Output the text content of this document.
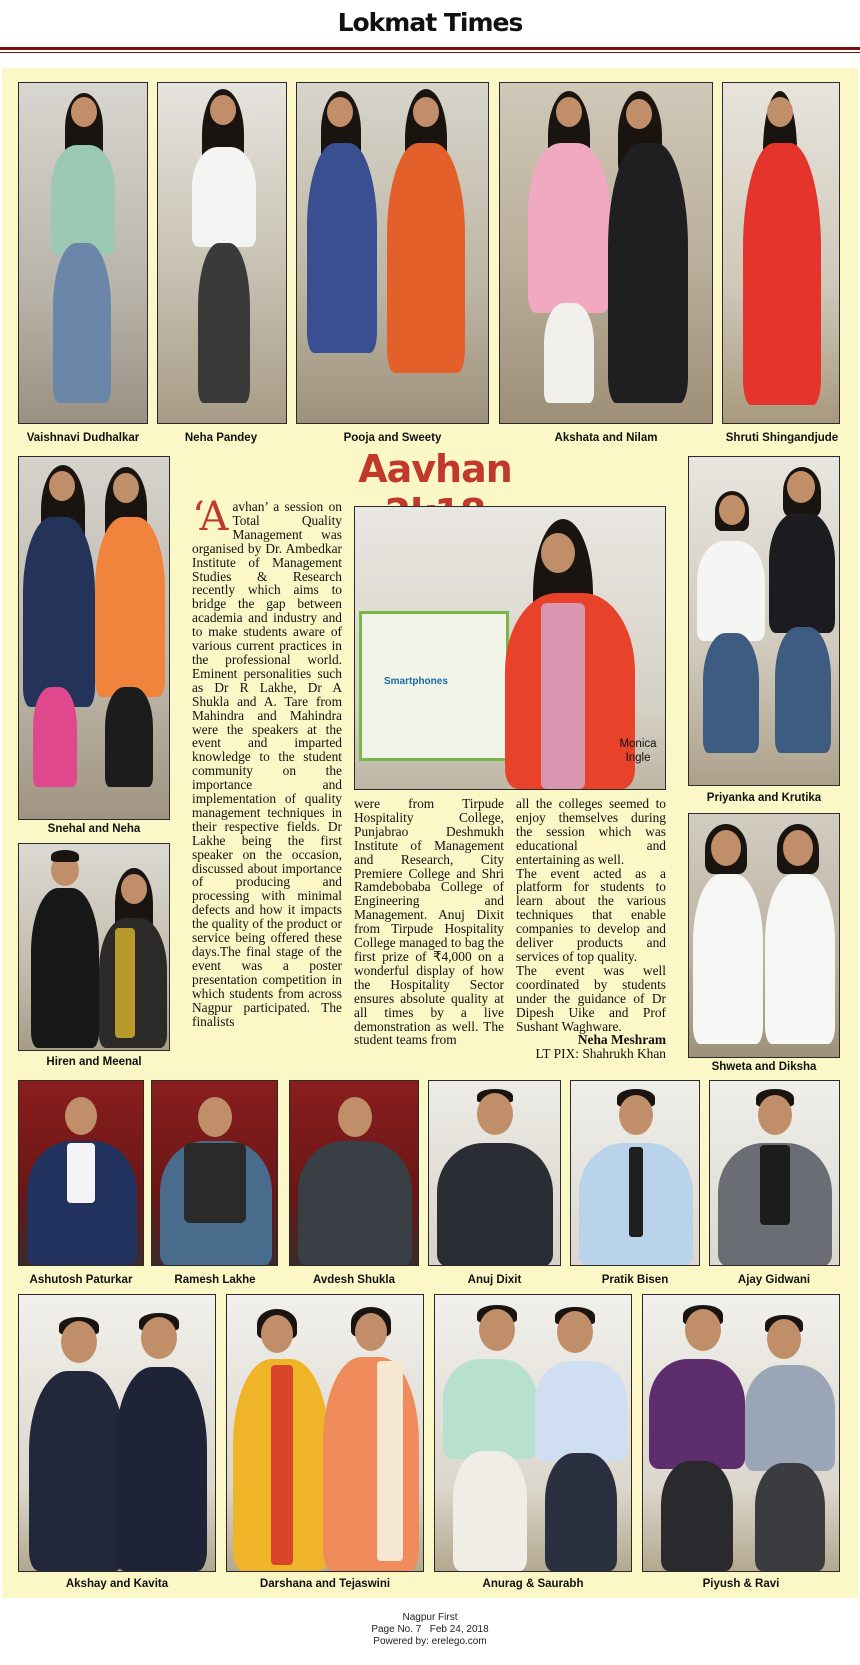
Lokmat Times
Vaishnavi Dudhalkar	Neha Pandey	Pooja and Sweety	Akshata and Nilam	Shruti Shingandjude
Snehal and Neha
Hiren and Meenal
Priyanka and Krutika
Shweta and Diksha
Aavhan
Smartphones
Monica
Ingle

‘Aavhan’ a session on Total Quality Management was organised by Dr. Ambedkar Institute of Management Studies & Research recently which aims to bridge the gap between academia and industry and to make students aware of various current practices in the professional world. Eminent personalities such as Dr R Lakhe, Dr A Shukla and A. Tare from Mahindra and Mahindra were the speakers at the event and imparted knowledge to the student community on the importance and implementation of quality management techniques in their respective fields. Dr Lakhe being the first speaker on the occasion, discussed about importance of producing and processing with minimal defects and how it impacts the quality of the product or service being offered these days.The final stage of the event was a poster presentation competition in which students from across Nagpur participated. The finalists

were from Tirpude Hospitality College, Punjabrao Deshmukh Institute of Management and Research, City Premiere College and Shri Ramdebobaba College of Engineering and Management. Anuj Dixit from Tirpude Hospitality College managed to bag the first prize of ₹4,000 on a wonderful display of how the Hospitality Sector ensures absolute quality at all times by a live demonstration as well. The student teams from

all the colleges seemed to enjoy themselves during the session which was educational and entertaining as well.

The event acted as a platform for students to learn about the various techniques that enable companies to develop and deliver products and services of top quality.

The event was well coordinated by students under the guidance of Dr Dipesh Uike and Prof Sushant Waghware.

Neha Meshram

LT PIX: Shahrukh Khan

Ashutosh Paturkar	Ramesh Lakhe	Avdesh Shukla	Anuj Dixit	Pratik Bisen	Ajay Gidwani
Akshay and Kavita	Darshana and Tejaswini	Anurag & Saurabh	Piyush & Ravi
Nagpur First
Page No. 7 Feb 24, 2018
Powered by: erelego.com
